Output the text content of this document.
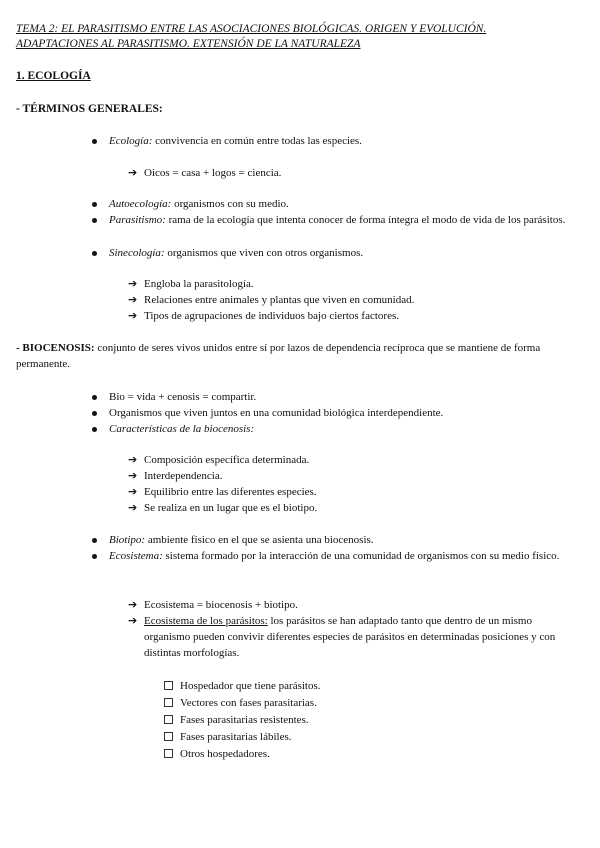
TEMA 2: EL PARASITISMO ENTRE LAS ASOCIACIONES BIOLÓGICAS. ORIGEN Y EVOLUCIÓN.
ADAPTACIONES AL PARASITISMO. EXTENSIÓN DE LA NATURALEZA
1. ECOLOGÍA
- TÉRMINOS GENERALES:
Ecología: convivencia en común entre todas las especies.
➔ Oicos = casa + logos = ciencia.
Autoecología: organismos con su medio.
Parasitismo: rama de la ecología que intenta conocer de forma íntegra el modo de vida de los parásitos.
Sinecología: organismos que viven con otros organismos.
➔ Engloba la parasitología.
➔ Relaciones entre animales y plantas que viven en comunidad.
➔ Tipos de agrupaciones de individuos bajo ciertos factores.
- BIOCENOSIS: conjunto de seres vivos unidos entre sí por lazos de dependencia recíproca que se mantiene de forma permanente.
Bio = vida + cenosis = compartir.
Organismos que viven juntos en una comunidad biológica interdependiente.
Características de la biocenosis:
➔ Composición específica determinada.
➔ Interdependencia.
➔ Equilibrio entre las diferentes especies.
➔ Se realiza en un lugar que es el biotipo.
Biotipo: ambiente físico en el que se asienta una biocenosis.
Ecosistema: sistema formado por la interacción de una comunidad de organismos con su medio físico.
➔ Ecosistema = biocenosis + biotipo.
➔ Ecosistema de los parásitos: los parásitos se han adaptado tanto que dentro de un mismo organismo pueden convivir diferentes especies de parásitos en determinadas posiciones y con distintas morfologías.
Hospedador que tiene parásitos.
Vectores con fases parasitarias.
Fases parasitarias resistentes.
Fases parasitarias lábiles.
Otros hospedadores.
